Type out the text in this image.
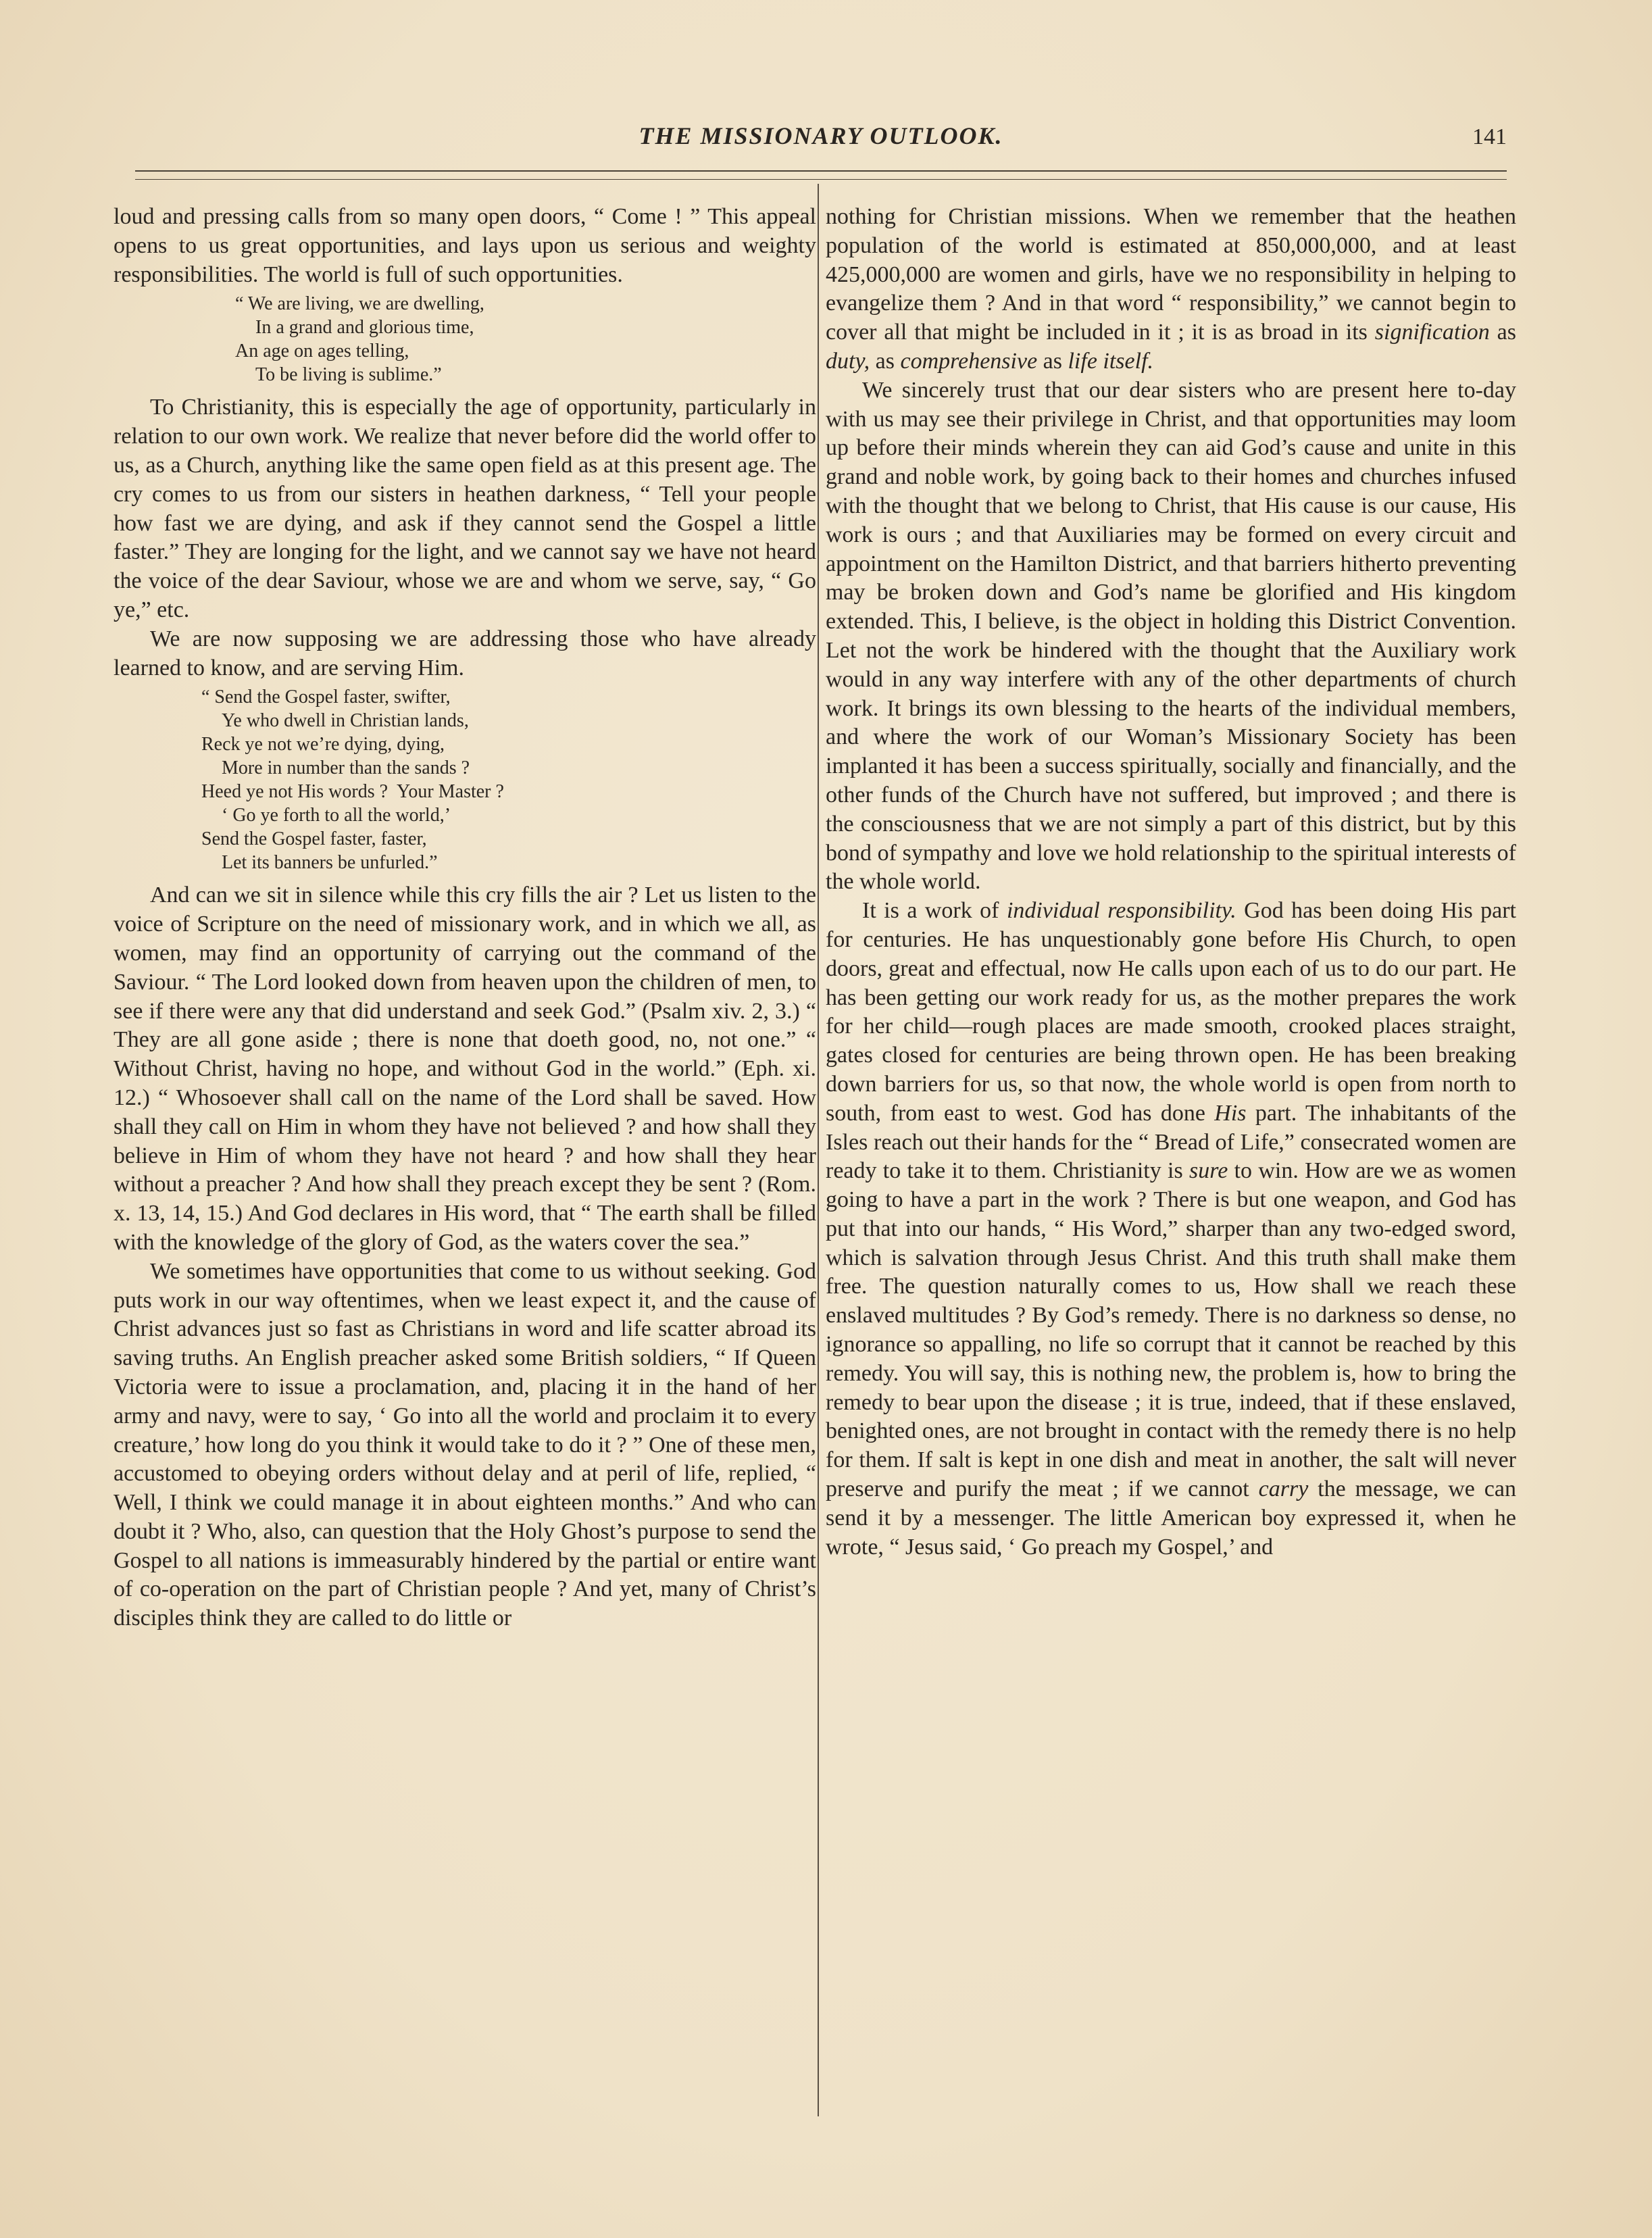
THE MISSIONARY OUTLOOK.	141

loud and pressing calls from so many open doors, “ Come ! ” This appeal opens to us great opportunities, and lays upon us serious and weighty responsibilities. The world is full of such opportunities.

“ We are living, we are dwelling,
In a grand and glorious time,
An age on ages telling,
To be living is sublime.”

To Christianity, this is especially the age of opportunity, particularly in relation to our own work. We realize that never before did the world offer to us, as a Church, anything like the same open field as at this present age. The cry comes to us from our sisters in heathen darkness, “ Tell your people how fast we are dying, and ask if they cannot send the Gospel a little faster.” They are longing for the light, and we cannot say we have not heard the voice of the dear Saviour, whose we are and whom we serve, say, “ Go ye,” etc.

We are now supposing we are addressing those who have already learned to know, and are serving Him.

“ Send the Gospel faster, swifter,
Ye who dwell in Christian lands,
Reck ye not we’re dying, dying,
More in number than the sands ?
Heed ye not His words ?  Your Master ?
‘ Go ye forth to all the world,’
Send the Gospel faster, faster,
Let its banners be unfurled.”

And can we sit in silence while this cry fills the air ? Let us listen to the voice of Scripture on the need of missionary work, and in which we all, as women, may find an opportunity of carrying out the command of the Saviour. “ The Lord looked down from heaven upon the children of men, to see if there were any that did understand and seek God.” (Psalm xiv. 2, 3.) “ They are all gone aside ; there is none that doeth good, no, not one.” “ Without Christ, having no hope, and without God in the world.” (Eph. xi. 12.) “ Whosoever shall call on the name of the Lord shall be saved. How shall they call on Him in whom they have not believed ? and how shall they believe in Him of whom they have not heard ? and how shall they hear without a preacher ? And how shall they preach except they be sent ? (Rom. x. 13, 14, 15.) And God declares in His word, that “ The earth shall be filled with the knowledge of the glory of God, as the waters cover the sea.”

We sometimes have opportunities that come to us without seeking. God puts work in our way oftentimes, when we least expect it, and the cause of Christ advances just so fast as Christians in word and life scatter abroad its saving truths. An English preacher asked some British soldiers, “ If Queen Victoria were to issue a proclamation, and, placing it in the hand of her army and navy, were to say, ‘ Go into all the world and proclaim it to every creature,’ how long do you think it would take to do it ? ” One of these men, accustomed to obeying orders without delay and at peril of life, replied, “ Well, I think we could manage it in about eighteen months.” And who can doubt it ? Who, also, can question that the Holy Ghost’s purpose to send the Gospel to all nations is immeasurably hindered by the partial or entire want of co-operation on the part of Christian people ? And yet, many of Christ’s disciples think they are called to do little or

nothing for Christian missions. When we remember that the heathen population of the world is estimated at 850,000,000, and at least 425,000,000 are women and girls, have we no responsibility in helping to evangelize them ? And in that word “ responsibility,” we cannot begin to cover all that might be included in it ; it is as broad in its signification as duty, as comprehensive as life itself.

We sincerely trust that our dear sisters who are present here to-day with us may see their privilege in Christ, and that opportunities may loom up before their minds wherein they can aid God’s cause and unite in this grand and noble work, by going back to their homes and churches infused with the thought that we belong to Christ, that His cause is our cause, His work is ours ; and that Auxiliaries may be formed on every circuit and appointment on the Hamilton District, and that barriers hitherto preventing may be broken down and God’s name be glorified and His kingdom extended. This, I believe, is the object in holding this District Convention. Let not the work be hindered with the thought that the Auxiliary work would in any way interfere with any of the other departments of church work. It brings its own blessing to the hearts of the individual members, and where the work of our Woman’s Missionary Society has been implanted it has been a success spiritually, socially and financially, and the other funds of the Church have not suffered, but improved ; and there is the consciousness that we are not simply a part of this district, but by this bond of sympathy and love we hold relationship to the spiritual interests of the whole world.

It is a work of individual responsibility. God has been doing His part for centuries. He has unquestionably gone before His Church, to open doors, great and effectual, now He calls upon each of us to do our part. He has been getting our work ready for us, as the mother prepares the work for her child—rough places are made smooth, crooked places straight, gates closed for centuries are being thrown open. He has been breaking down barriers for us, so that now, the whole world is open from north to south, from east to west. God has done His part. The inhabitants of the Isles reach out their hands for the “ Bread of Life,” consecrated women are ready to take it to them. Christianity is sure to win. How are we as women going to have a part in the work ? There is but one weapon, and God has put that into our hands, “ His Word,” sharper than any two-edged sword, which is salvation through Jesus Christ. And this truth shall make them free. The question naturally comes to us, How shall we reach these enslaved multitudes ? By God’s remedy. There is no darkness so dense, no ignorance so appalling, no life so corrupt that it cannot be reached by this remedy. You will say, this is nothing new, the problem is, how to bring the remedy to bear upon the disease ; it is true, indeed, that if these enslaved, benighted ones, are not brought in contact with the remedy there is no help for them. If salt is kept in one dish and meat in another, the salt will never preserve and purify the meat ; if we cannot carry the message, we can send it by a messenger. The little American boy expressed it, when he wrote, “ Jesus said, ‘ Go preach my Gospel,’ and
